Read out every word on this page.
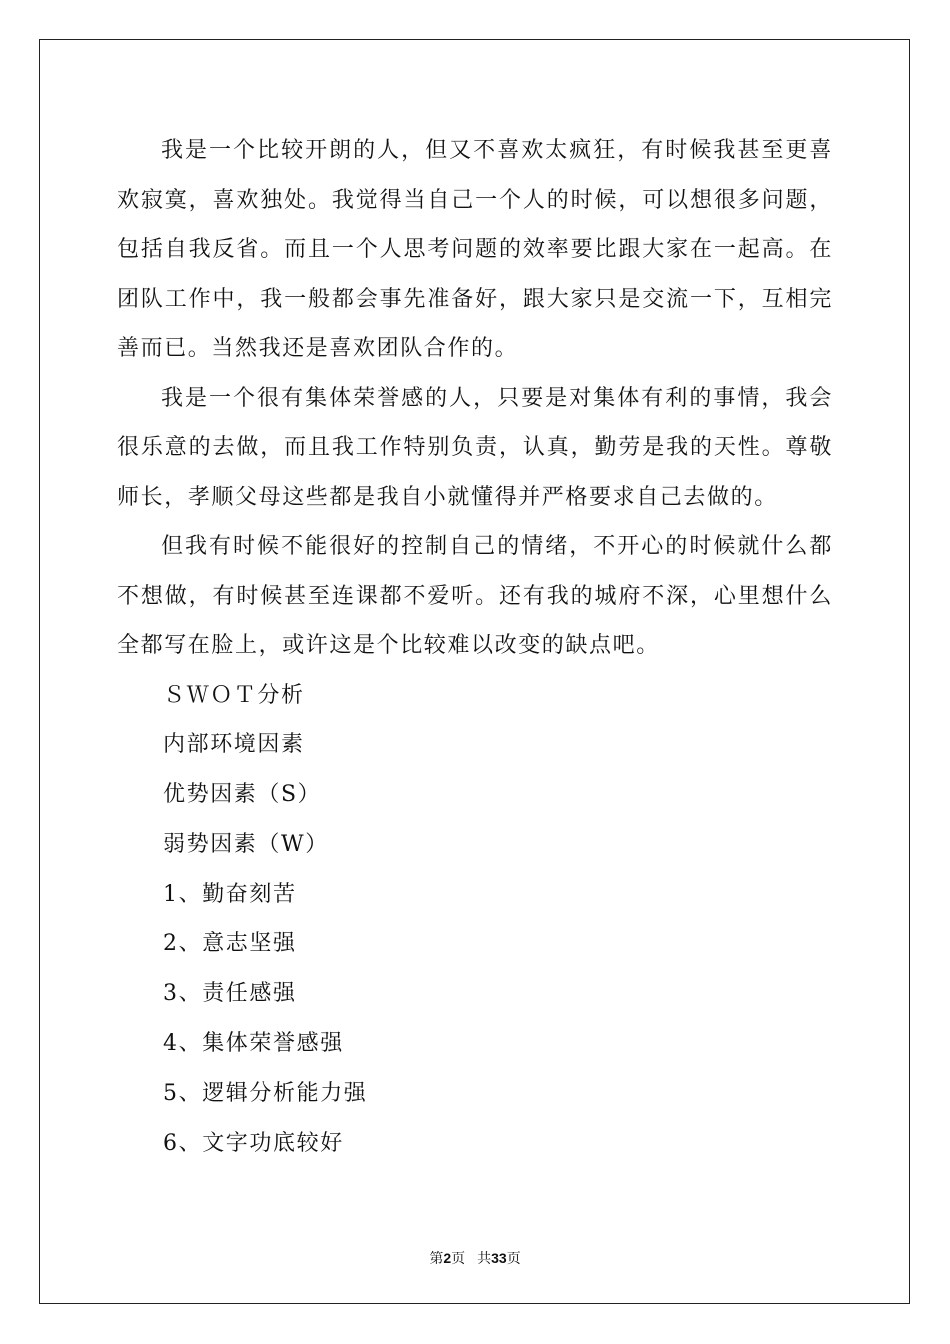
我是一个比较开朗的人，但又不喜欢太疯狂，有时候我甚至更喜欢寂寞，喜欢独处。我觉得当自己一个人的时候，可以想很多问题，包括自我反省。而且一个人思考问题的效率要比跟大家在一起高。在团队工作中，我一般都会事先准备好，跟大家只是交流一下，互相完善而已。当然我还是喜欢团队合作的。

我是一个很有集体荣誉感的人，只要是对集体有利的事情，我会很乐意的去做，而且我工作特别负责，认真，勤劳是我的天性。尊敬师长，孝顺父母这些都是我自小就懂得并严格要求自己去做的。

但我有时候不能很好的控制自己的情绪，不开心的时候就什么都不想做，有时候甚至连课都不爱听。还有我的城府不深，心里想什么全都写在脸上，或许这是个比较难以改变的缺点吧。

ＳＷＯＴ分析

内部环境因素

优势因素（S）

弱势因素（W）

1、勤奋刻苦

2、意志坚强

3、责任感强

4、集体荣誉感强

5、逻辑分析能力强

6、文字功底较好

第2页 共33页
